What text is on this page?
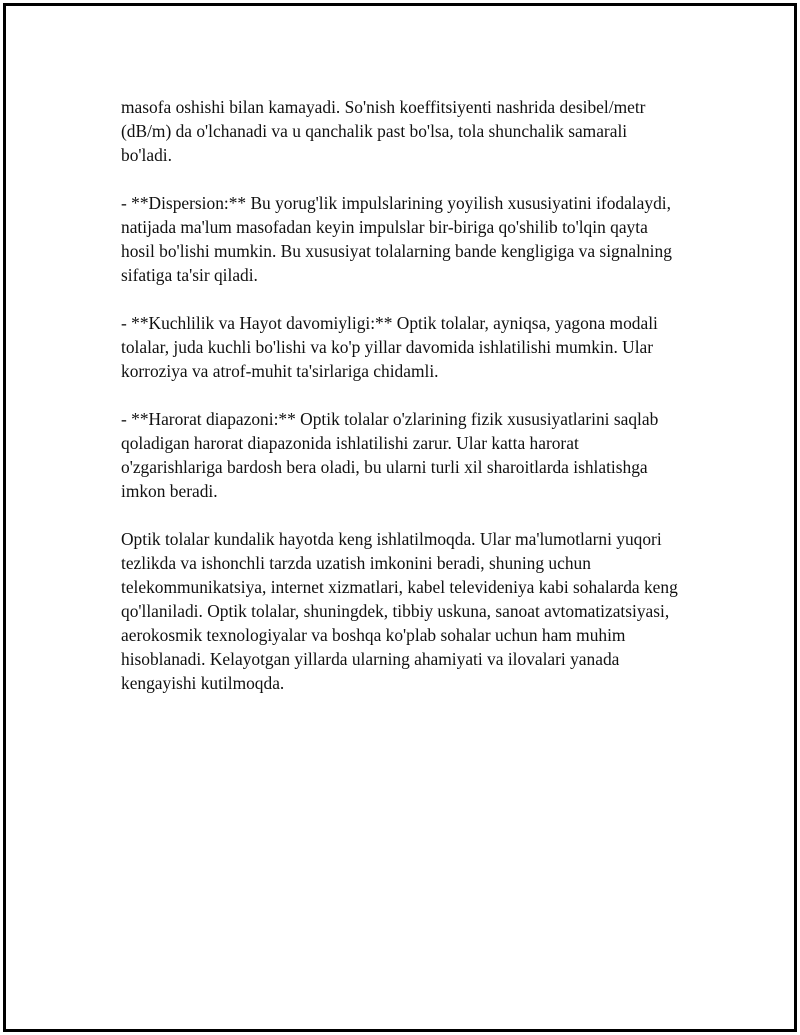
masofa oshishi bilan kamayadi. So'nish koeffitsiyenti nashrida desibel/metr (dB/m) da o'lchanadi va u qanchalik past bo'lsa, tola shunchalik samarali bo'ladi.

- **Dispersion:** Bu yorug'lik impulslarining yoyilish xususiyatini ifodalaydi, natijada ma'lum masofadan keyin impulslar bir-biriga qo'shilib to'lqin qayta hosil bo'lishi mumkin. Bu xususiyat tolalarning bande kengligiga va signalning sifatiga ta'sir qiladi.

- **Kuchlilik va Hayot davomiyligi:** Optik tolalar, ayniqsa, yagona modali tolalar, juda kuchli bo'lishi va ko'p yillar davomida ishlatilishi mumkin. Ular korroziya va atrof-muhit ta'sirlariga chidamli.

- **Harorat diapazoni:** Optik tolalar o'zlarining fizik xususiyatlarini saqlab qoladigan harorat diapazonida ishlatilishi zarur. Ular katta harorat o'zgarishlariga bardosh bera oladi, bu ularni turli xil sharoitlarda ishlatishga imkon beradi.

Optik tolalar kundalik hayotda keng ishlatilmoqda. Ular ma'lumotlarni yuqori tezlikda va ishonchli tarzda uzatish imkonini beradi, shuning uchun telekommunikatsiya, internet xizmatlari, kabel televideniya kabi sohalarda keng qo'llaniladi. Optik tolalar, shuningdek, tibbiy uskuna, sanoat avtomatizatsiyasi, aerokosmik texnologiyalar va boshqa ko'plab sohalar uchun ham muhim hisoblanadi. Kelayotgan yillarda ularning ahamiyati va ilovalari yanada kengayishi kutilmoqda.
